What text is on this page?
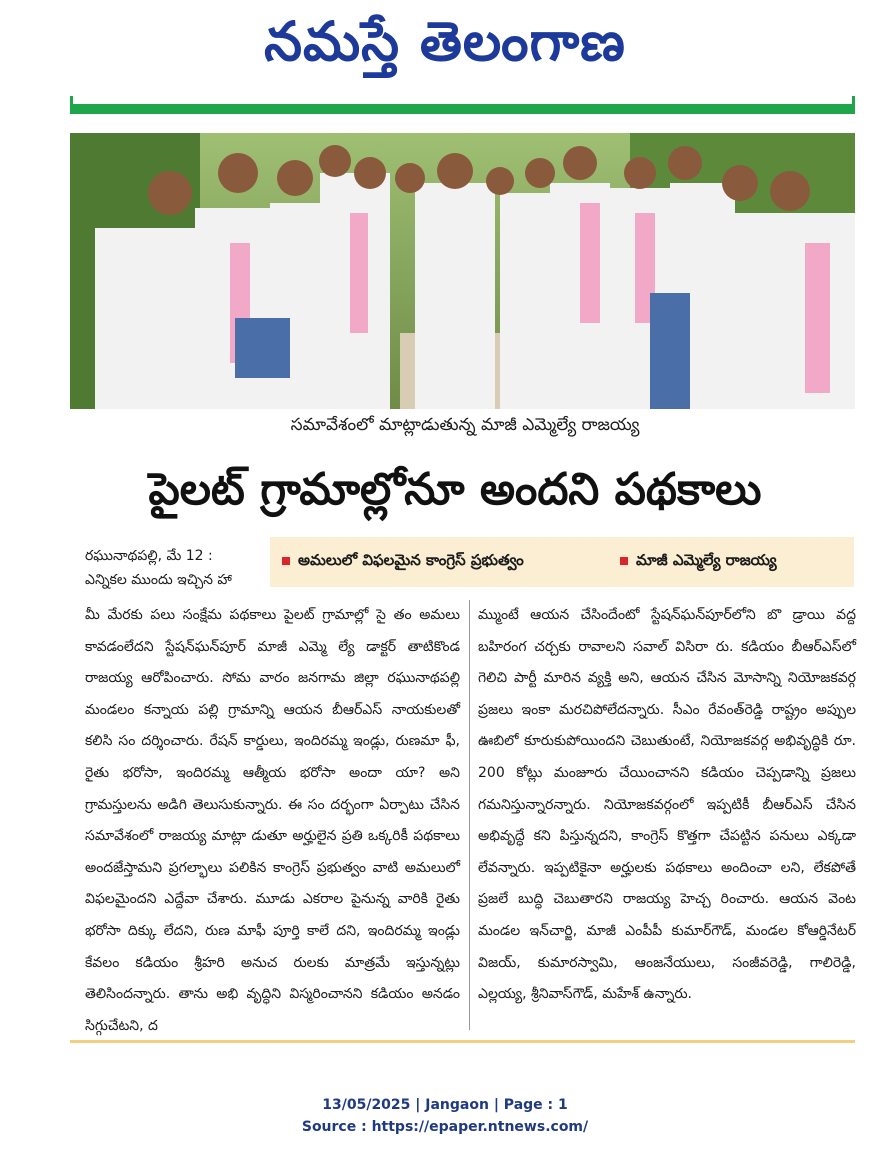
నమస్తే తెలంగాణ
సమావేశంలో మాట్లాడుతున్న మాజీ ఎమ్మెల్యే రాజయ్య
పైలట్ గ్రామాల్లోనూ అందని పథకాలు
అమలులో విఫలమైన కాంగ్రెస్ ప్రభుత్వం	మాజీ ఎమ్మెల్యే రాజయ్య
రఘునాథపల్లి, మే 12 :
ఎన్నికల ముందు ఇచ్చిన హా

మీ మేరకు పలు సంక్షేమ పథకాలు పైలట్ గ్రామాల్లో సై తం అమలు కావడంలేదని స్టేషన్‌ఘన్‌పూర్ మాజీ ఎమ్మె ల్యే డాక్టర్ తాటికొండ రాజయ్య ఆరోపించారు. సోమ వారం జనగామ జిల్లా రఘునాథపల్లి మండలం కన్నాయ పల్లి గ్రామాన్ని ఆయన బీఆర్‌ఎస్ నాయకులతో కలిసి సం దర్శించారు. రేషన్ కార్డులు, ఇందిరమ్మ ఇండ్లు, రుణమా ఫీ, రైతు భరోసా, ఇందిరమ్మ ఆత్మీయ భరోసా అందా యా? అని గ్రామస్తులను అడిగి తెలుసుకున్నారు. ఈ సం దర్భంగా ఏర్పాటు చేసిన సమావేశంలో రాజయ్య మాట్లా డుతూ అర్హులైన ప్రతి ఒక్కరికీ పథకాలు అందజేస్తామని ప్రగల్భాలు పలికిన కాంగ్రెస్ ప్రభుత్వం వాటి అమలులో విఫలమైందని ఎద్దేవా చేశారు. మూడు ఎకరాల పైనున్న వారికి రైతు భరోసా దిక్కు లేదని, రుణ మాఫీ పూర్తి కాలే దని, ఇందిరమ్మ ఇండ్లు కేవలం కడియం శ్రీహరి అనుచ రులకు మాత్రమే ఇస్తున్నట్లు తెలిసిందన్నారు. తాను అభి వృద్ధిని విస్మరించానని కడియం అనడం సిగ్గుచేటని, ద

మ్ముంటే ఆయన చేసిందేంటో స్టేషన్‌ఘన్‌పూర్‌లోని బొ డ్రాయి వద్ద బహిరంగ చర్చకు రావాలని సవాల్ విసిరా రు. కడియం బీఆర్‌ఎస్‌లో గెలిచి పార్టీ మారిన వ్యక్తి అని, ఆయన చేసిన మోసాన్ని నియోజకవర్గ ప్రజలు ఇంకా మరచిపోలేదన్నారు. సీఎం రేవంత్‌రెడ్డి రాష్ట్రం అప్పుల ఊబిలో కూరుకుపోయిందని చెబుతుంటే, నియోజకవర్గ అభివృద్ధికి రూ. 200 కోట్లు మంజూరు చేయించానని కడియం చెప్పడాన్ని ప్రజలు గమనిస్తున్నారన్నారు. నియోజకవర్గంలో ఇప్పటికీ బీఆర్‌ఎస్ చేసిన అభివృద్ధే కని పిస్తున్నదని, కాంగ్రెస్ కొత్తగా చేపట్టిన పనులు ఎక్కడా లేవన్నారు. ఇప్పటికైనా అర్హులకు పథకాలు అందించా లని, లేకపోతే ప్రజలే బుద్ధి చెబుతారని రాజయ్య హెచ్చ రించారు. ఆయన వెంట మండల ఇన్‌చార్జి, మాజీ ఎంపీపీ కుమార్‌గౌడ్, మండల కోఆర్డినేటర్ విజయ్, కుమారస్వామి, ఆంజనేయులు, సంజీవరెడ్డి, గాలిరెడ్డి, ఎల్లయ్య, శ్రీనివాస్‌గౌడ్, మహేశ్ ఉన్నారు.

13/05/2025 | Jangaon | Page : 1
Source : https://epaper.ntnews.com/
